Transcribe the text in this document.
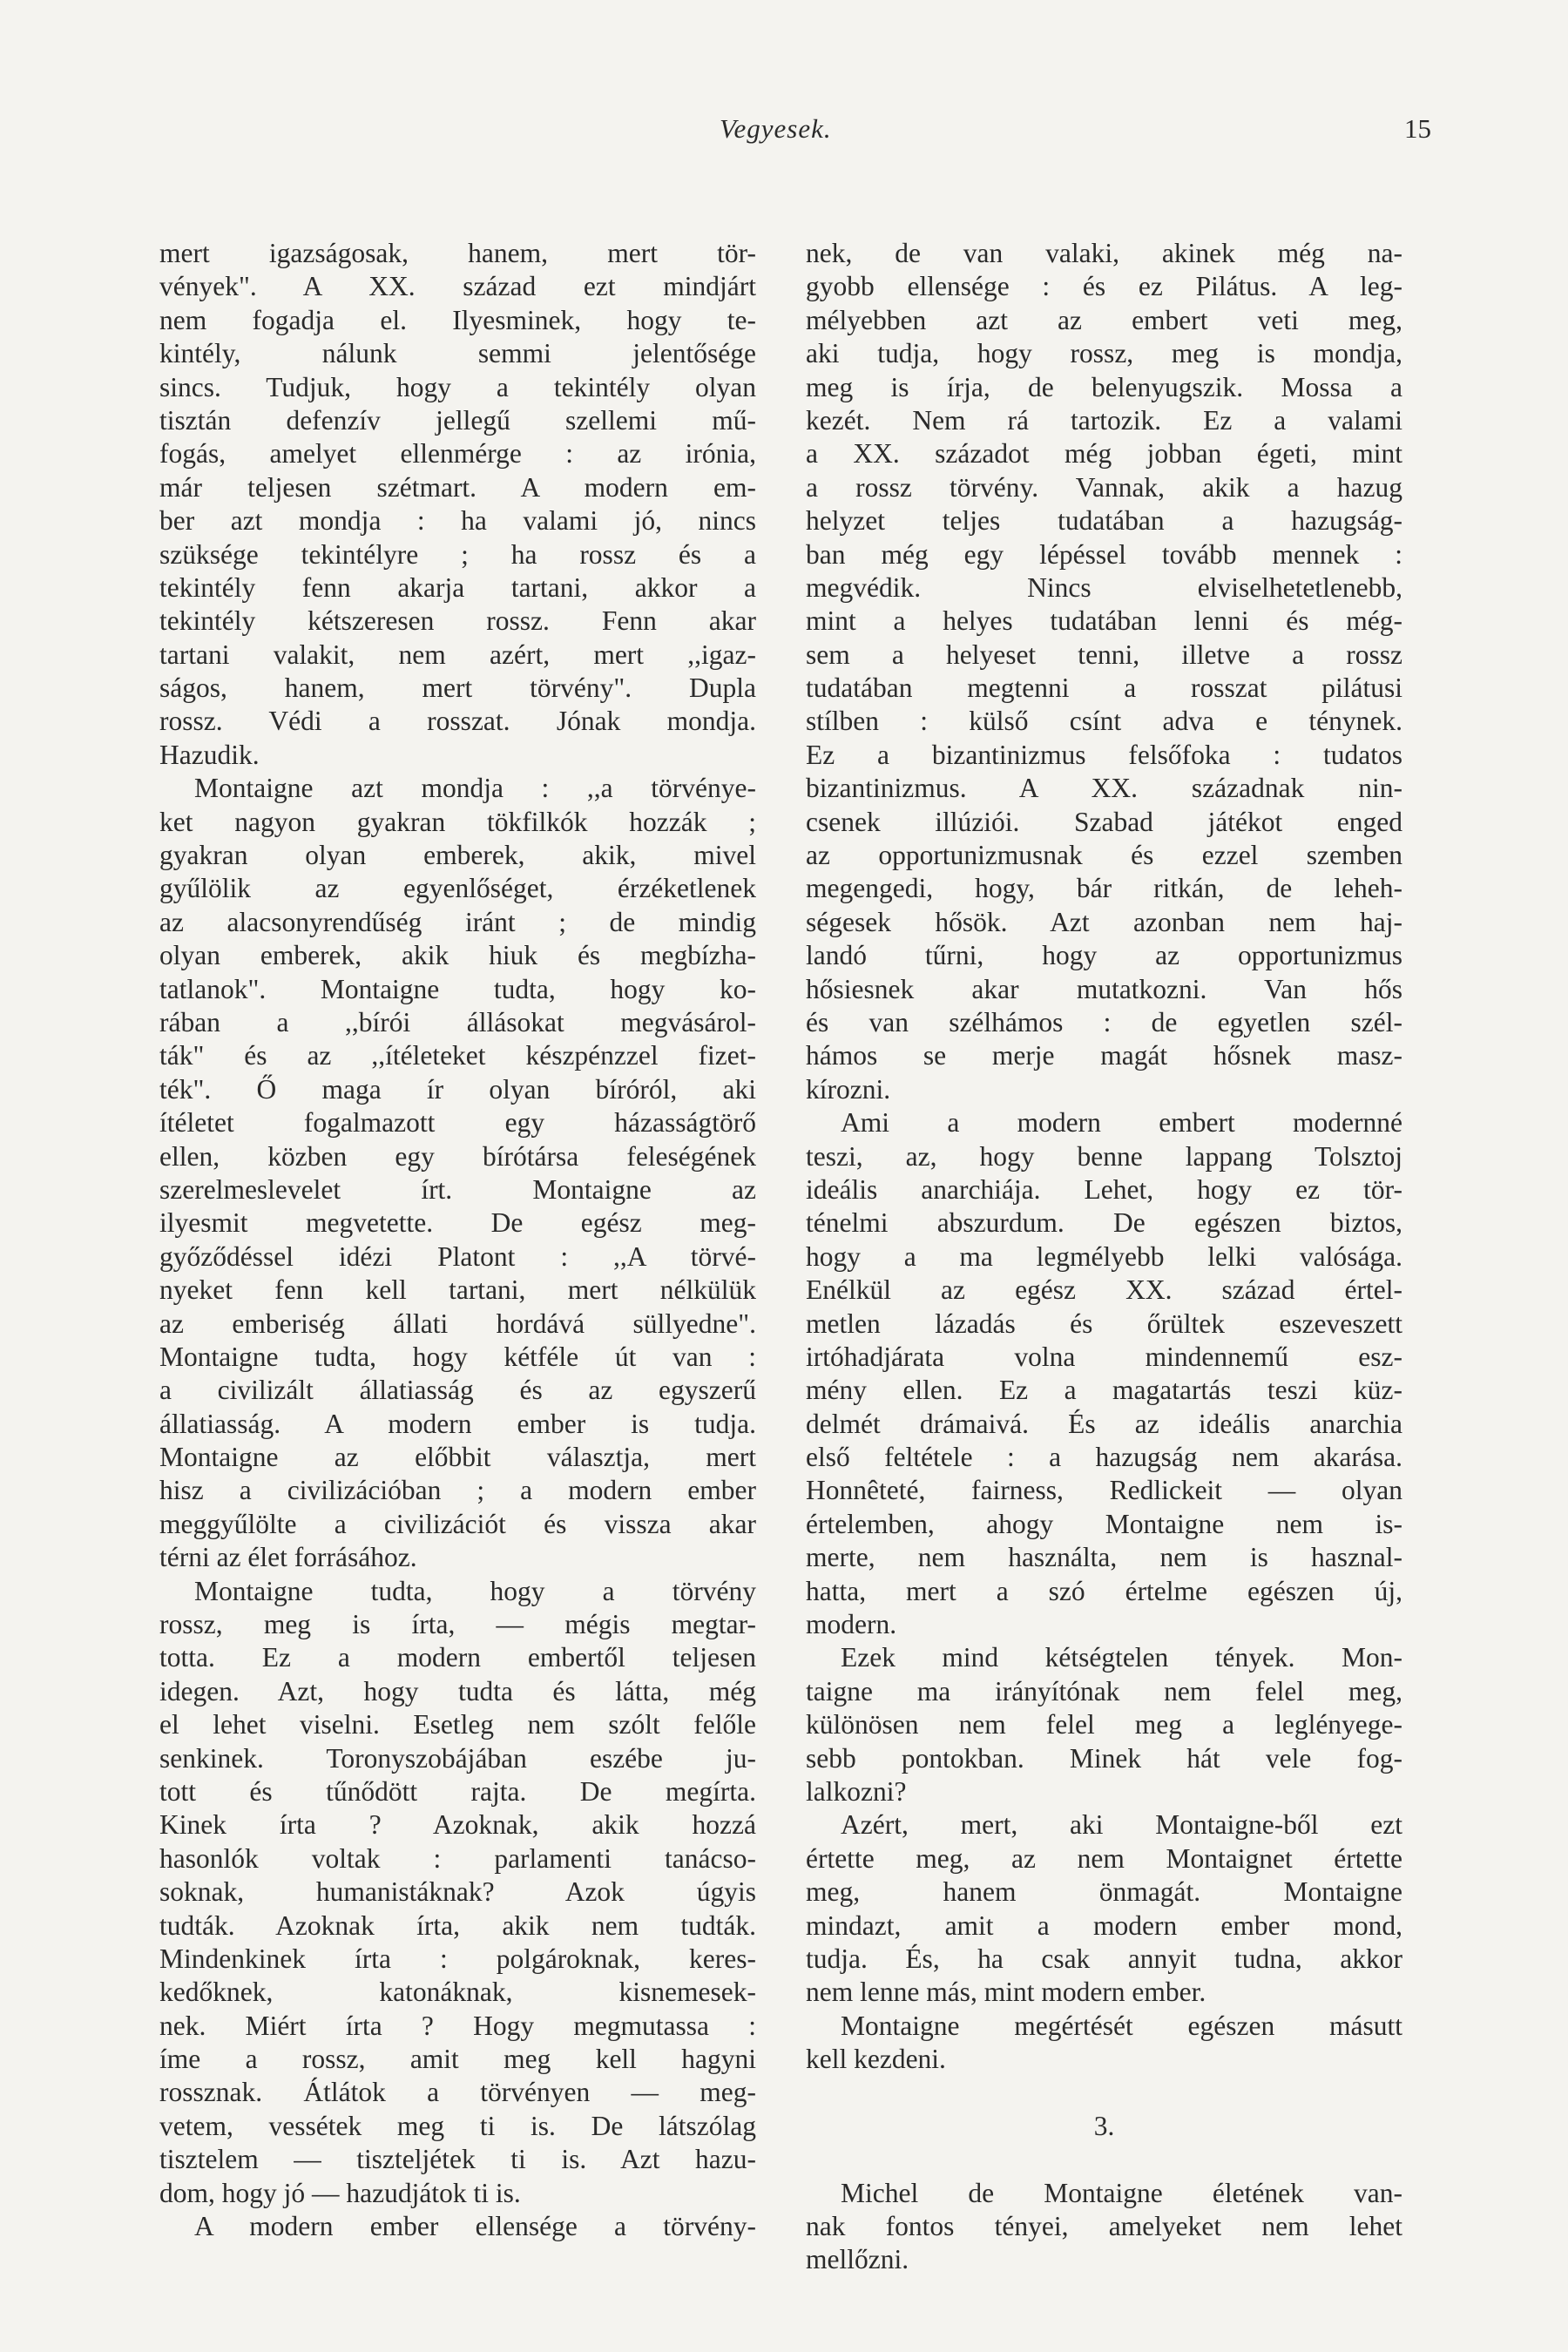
Vegyesek.	15
mert igazságosak, hanem, mert tör-
vények". A XX. század ezt mindjárt
nem fogadja el. Ilyesminek, hogy te-
kintély, nálunk semmi jelentősége
sincs. Tudjuk, hogy a tekintély olyan
tisztán defenzív jellegű szellemi mű-
fogás, amelyet ellenmérge : az irónia,
már teljesen szétmart. A modern em-
ber azt mondja : ha valami jó, nincs
szüksége tekintélyre ; ha rossz és a
tekintély fenn akarja tartani, akkor a
tekintély kétszeresen rossz. Fenn akar
tartani valakit, nem azért, mert ,,igaz-
ságos, hanem, mert törvény". Dupla
rossz. Védi a rosszat. Jónak mondja.
Hazudik.
Montaigne azt mondja : ,,a törvénye-
ket nagyon gyakran tökfilkók hozzák ;
gyakran olyan emberek, akik, mivel
gyűlölik az egyenlőséget, érzéketlenek
az alacsonyrendűség iránt ; de mindig
olyan emberek, akik hiuk és megbízha-
tatlanok". Montaigne tudta, hogy ko-
rában a ,,bírói állásokat megvásárol-
ták" és az ,,ítéleteket készpénzzel fizet-
ték". Ő maga ír olyan bíróról, aki
ítéletet fogalmazott egy házasságtörő
ellen, közben egy bírótársa feleségének
szerelmeslevelet írt. Montaigne az
ilyesmit megvetette. De egész meg-
győződéssel idézi Platont : ,,A törvé-
nyeket fenn kell tartani, mert nélkülük
az emberiség állati hordává süllyedne".
Montaigne tudta, hogy kétféle út van :
a civilizált állatiasság és az egyszerű
állatiasság. A modern ember is tudja.
Montaigne az előbbit választja, mert
hisz a civilizációban ; a modern ember
meggyűlölte a civilizációt és vissza akar
térni az élet forrásához.
Montaigne tudta, hogy a törvény
rossz, meg is írta, — mégis megtar-
totta. Ez a modern embertől teljesen
idegen. Azt, hogy tudta és látta, még
el lehet viselni. Esetleg nem szólt felőle
senkinek. Toronyszobájában eszébe ju-
tott és tűnődött rajta. De megírta.
Kinek írta ? Azoknak, akik hozzá
hasonlók voltak : parlamenti tanácso-
soknak, humanistáknak? Azok úgyis
tudták. Azoknak írta, akik nem tudták.
Mindenkinek írta : polgároknak, keres-
kedőknek, katonáknak, kisnemesek-
nek. Miért írta ? Hogy megmutassa :
íme a rossz, amit meg kell hagyni
rossznak. Átlátok a törvényen — meg-
vetem, vessétek meg ti is. De látszólag
tisztelem — tiszteljétek ti is. Azt hazu-
dom, hogy jó — hazudjátok ti is.
A modern ember ellensége a törvény-
nek, de van valaki, akinek még na-
gyobb ellensége : és ez Pilátus. A leg-
mélyebben azt az embert veti meg,
aki tudja, hogy rossz, meg is mondja,
meg is írja, de belenyugszik. Mossa a
kezét. Nem rá tartozik. Ez a valami
a XX. századot még jobban égeti, mint
a rossz törvény. Vannak, akik a hazug
helyzet teljes tudatában a hazugság-
ban még egy lépéssel tovább mennek :
megvédik. Nincs elviselhetetlenebb,
mint a helyes tudatában lenni és még-
sem a helyeset tenni, illetve a rossz
tudatában megtenni a rosszat pilátusi
stílben : külső csínt adva e ténynek.
Ez a bizantinizmus felsőfoka : tudatos
bizantinizmus. A XX. századnak nin-
csenek illúziói. Szabad játékot enged
az opportunizmusnak és ezzel szemben
megengedi, hogy, bár ritkán, de leheh-
ségesek hősök. Azt azonban nem haj-
landó tűrni, hogy az opportunizmus
hősiesnek akar mutatkozni. Van hős
és van szélhámos : de egyetlen szél-
hámos se merje magát hősnek masz-
kírozni.
Ami a modern embert modernné
teszi, az, hogy benne lappang Tolsztoj
ideális anarchiája. Lehet, hogy ez tör-
ténelmi abszurdum. De egészen biztos,
hogy a ma legmélyebb lelki valósága.
Enélkül az egész XX. század értel-
metlen lázadás és őrültek eszeveszett
irtóhadjárata volna mindennemű esz-
mény ellen. Ez a magatartás teszi küz-
delmét drámaivá. És az ideális anarchia
első feltétele : a hazugság nem akarása.
Honnêteté, fairness, Redlickeit — olyan
értelemben, ahogy Montaigne nem is-
merte, nem használta, nem is hasznal-
hatta, mert a szó értelme egészen új,
modern.
Ezek mind kétségtelen tények. Mon-
taigne ma irányítónak nem felel meg,
különösen nem felel meg a leglényege-
sebb pontokban. Minek hát vele fog-
lalkozni?
Azért, mert, aki Montaigne-ből ezt
értette meg, az nem Montaignet értette
meg, hanem önmagát. Montaigne
mindazt, amit a modern ember mond,
tudja. És, ha csak annyit tudna, akkor
nem lenne más, mint modern ember.
Montaigne megértését egészen másutt
kell kezdeni.
3.
Michel de Montaigne életének van-
nak fontos tényei, amelyeket nem lehet
mellőzni.
